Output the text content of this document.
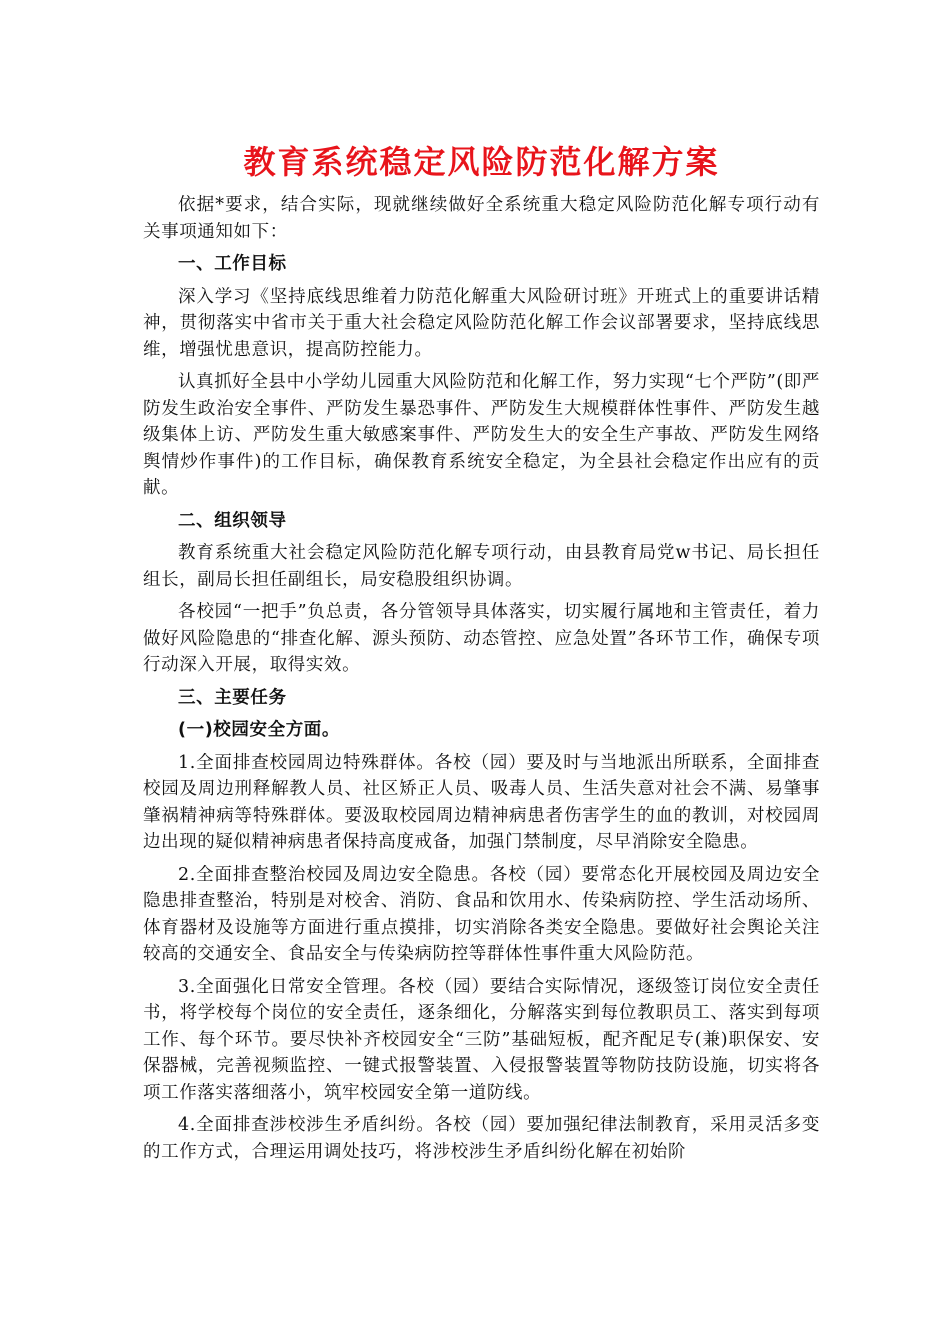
教育系统稳定风险防范化解方案

依据*要求，结合实际，现就继续做好全系统重大稳定风险防范化解专项行动有关事项通知如下：

一、工作目标

深入学习《坚持底线思维着力防范化解重大风险研讨班》开班式上的重要讲话精神，贯彻落实中省市关于重大社会稳定风险防范化解工作会议部署要求，坚持底线思维，增强忧患意识，提高防控能力。

认真抓好全县中小学幼儿园重大风险防范和化解工作，努力实现“七个严防”(即严防发生政治安全事件、严防发生暴恐事件、严防发生大规模群体性事件、严防发生越级集体上访、严防发生重大敏感案事件、严防发生大的安全生产事故、严防发生网络舆情炒作事件)的工作目标，确保教育系统安全稳定，为全县社会稳定作出应有的贡献。

二、组织领导

教育系统重大社会稳定风险防范化解专项行动，由县教育局党w书记、局长担任组长，副局长担任副组长，局安稳股组织协调。

各校园“一把手”负总责，各分管领导具体落实，切实履行属地和主管责任，着力做好风险隐患的“排查化解、源头预防、动态管控、应急处置”各环节工作，确保专项行动深入开展，取得实效。

三、主要任务

(一)校园安全方面。

1.全面排查校园周边特殊群体。各校（园）要及时与当地派出所联系，全面排查校园及周边刑释解教人员、社区矫正人员、吸毒人员、生活失意对社会不满、易肇事肇祸精神病等特殊群体。要汲取校园周边精神病患者伤害学生的血的教训，对校园周边出现的疑似精神病患者保持高度戒备，加强门禁制度，尽早消除安全隐患。

2.全面排查整治校园及周边安全隐患。各校（园）要常态化开展校园及周边安全隐患排查整治，特别是对校舍、消防、食品和饮用水、传染病防控、学生活动场所、体育器材及设施等方面进行重点摸排，切实消除各类安全隐患。要做好社会舆论关注较高的交通安全、食品安全与传染病防控等群体性事件重大风险防范。

3.全面强化日常安全管理。各校（园）要结合实际情况，逐级签订岗位安全责任书，将学校每个岗位的安全责任，逐条细化，分解落实到每位教职员工、落实到每项工作、每个环节。要尽快补齐校园安全“三防”基础短板，配齐配足专(兼)职保安、安保器械，完善视频监控、一键式报警装置、入侵报警装置等物防技防设施，切实将各项工作落实落细落小，筑牢校园安全第一道防线。

4.全面排查涉校涉生矛盾纠纷。各校（园）要加强纪律法制教育，采用灵活多变的工作方式，合理运用调处技巧，将涉校涉生矛盾纠纷化解在初始阶
